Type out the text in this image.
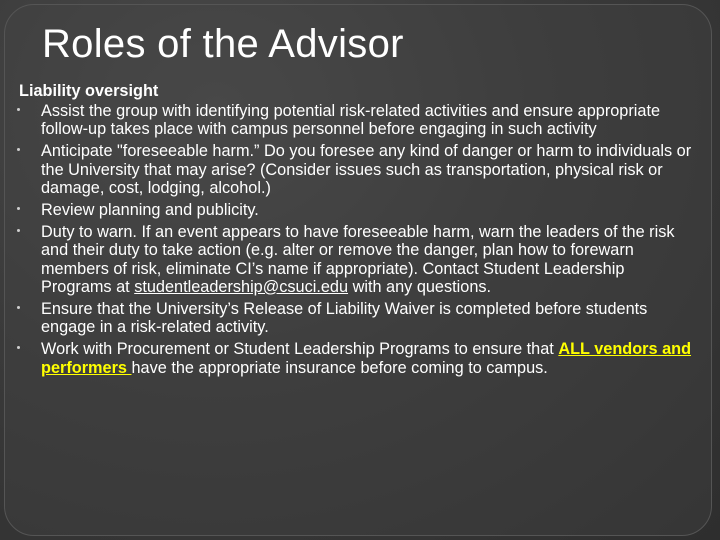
Roles of the Advisor

Liability oversight

Assist the group with identifying potential risk-related activities and ensure appropriate follow-up takes place with campus personnel before engaging in such activity
Anticipate "foreseeable harm.” Do you foresee any kind of danger or harm to individuals or the University that may arise? (Consider issues such as transportation, physical risk or damage, cost, lodging, alcohol.)
Review planning and publicity.
Duty to warn. If an event appears to have foreseeable harm, warn the leaders of the risk and their duty to take action (e.g. alter or remove the danger, plan how to forewarn members of risk, eliminate CI’s name if appropriate). Contact Student Leadership Programs at studentleadership@csuci.edu with any questions.
Ensure that the University’s Release of Liability Waiver is completed before students engage in a risk-related activity.
Work with Procurement or Student Leadership Programs to ensure that ALL vendors and performers have the appropriate insurance before coming to campus.
